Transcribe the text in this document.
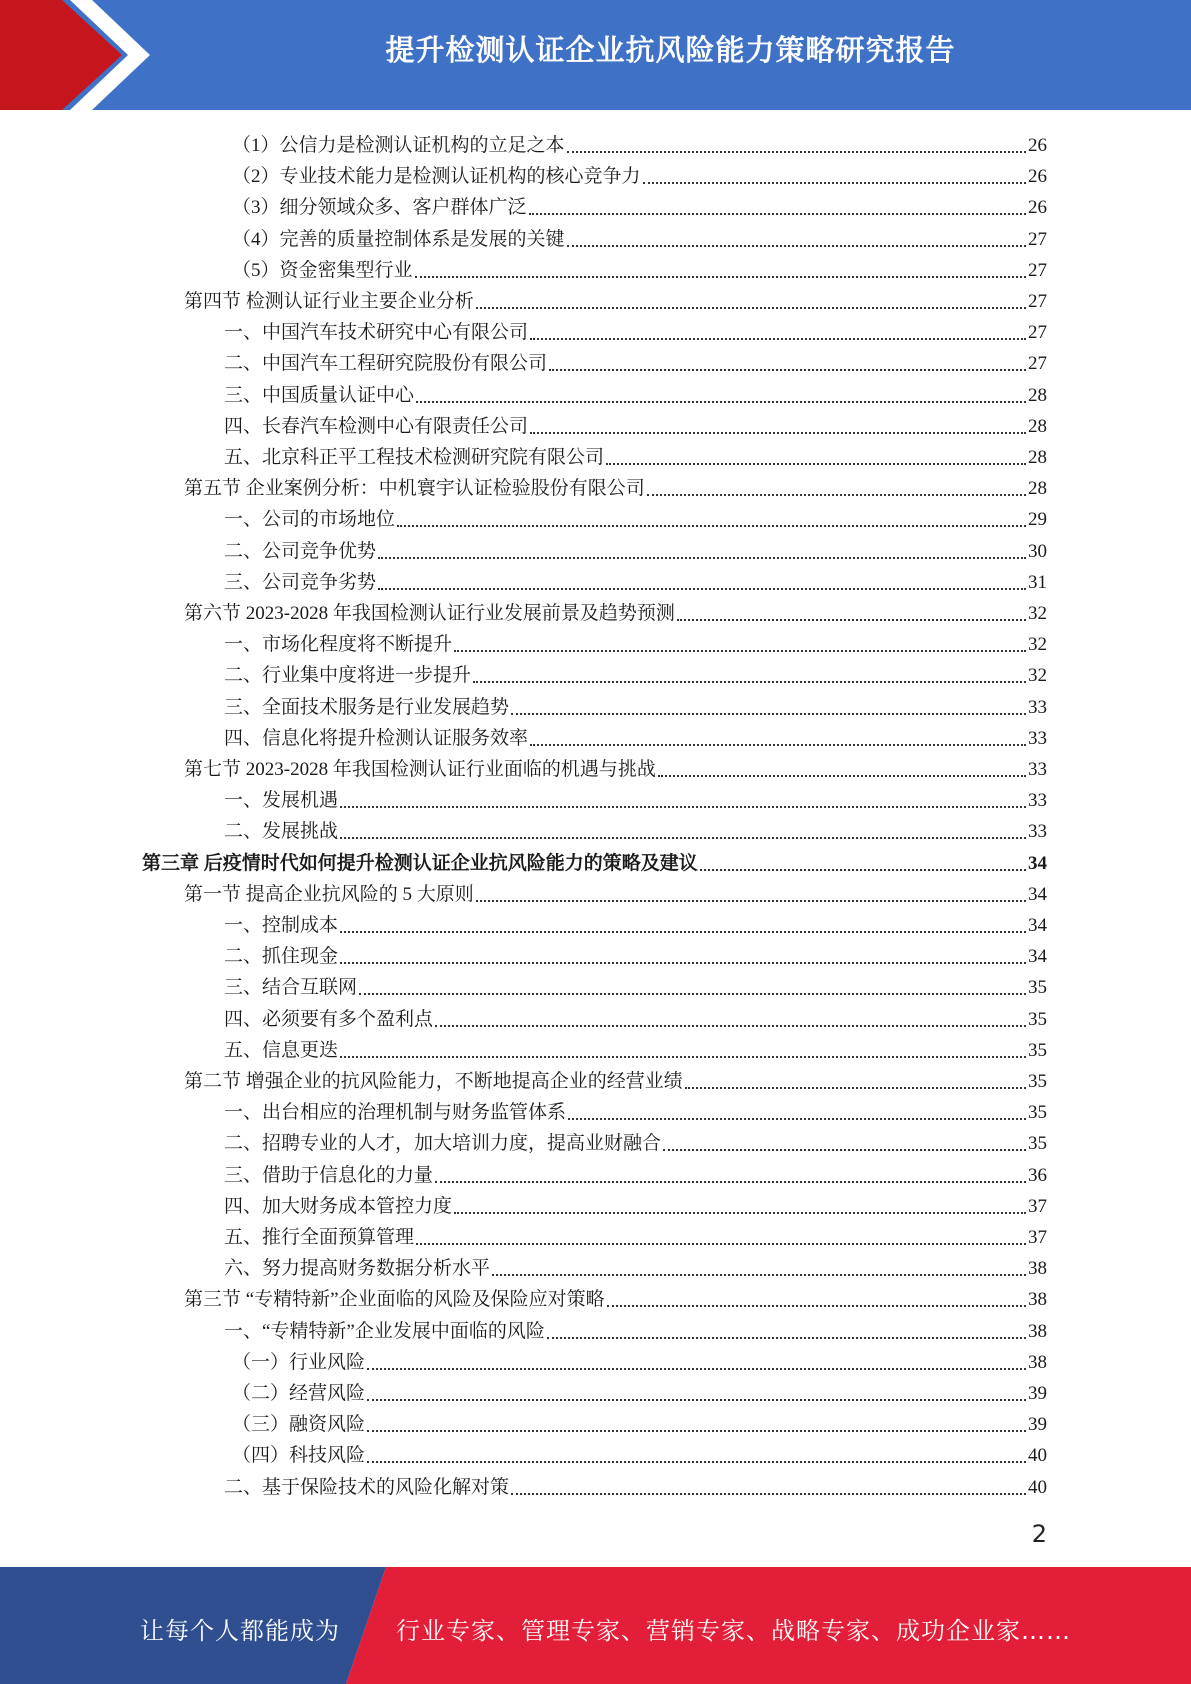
提升检测认证企业抗风险能力策略研究报告
（1）公信力是检测认证机构的立足之本	26
（2）专业技术能力是检测认证机构的核心竞争力	26
（3）细分领域众多、客户群体广泛	26
（4）完善的质量控制体系是发展的关键	27
（5）资金密集型行业	27
第四节 检测认证行业主要企业分析	27
一、中国汽车技术研究中心有限公司	27
二、中国汽车工程研究院股份有限公司	27
三、中国质量认证中心	28
四、长春汽车检测中心有限责任公司	28
五、北京科正平工程技术检测研究院有限公司	28
第五节 企业案例分析：中机寰宇认证检验股份有限公司	28
一、公司的市场地位	29
二、公司竞争优势	30
三、公司竞争劣势	31
第六节 2023-2028 年我国检测认证行业发展前景及趋势预测	32
一、市场化程度将不断提升	32
二、行业集中度将进一步提升	32
三、全面技术服务是行业发展趋势	33
四、信息化将提升检测认证服务效率	33
第七节 2023-2028 年我国检测认证行业面临的机遇与挑战	33
一、发展机遇	33
二、发展挑战	33
第三章 后疫情时代如何提升检测认证企业抗风险能力的策略及建议	34
第一节 提高企业抗风险的 5 大原则	34
一、控制成本	34
二、抓住现金	34
三、结合互联网	35
四、必须要有多个盈利点	35
五、信息更迭	35
第二节 增强企业的抗风险能力，不断地提高企业的经营业绩	35
一、出台相应的治理机制与财务监管体系	35
二、招聘专业的人才，加大培训力度，提高业财融合	35
三、借助于信息化的力量	36
四、加大财务成本管控力度	37
五、推行全面预算管理	37
六、努力提高财务数据分析水平	38
第三节 “专精特新”企业面临的风险及保险应对策略	38
一、“专精特新”企业发展中面临的风险	38
（一）行业风险	38
（二）经营风险	39
（三）融资风险	39
（四）科技风险	40
二、基于保险技术的风险化解对策	40
2
让每个人都能成为 行业专家、管理专家、营销专家、战略专家、成功企业家……
